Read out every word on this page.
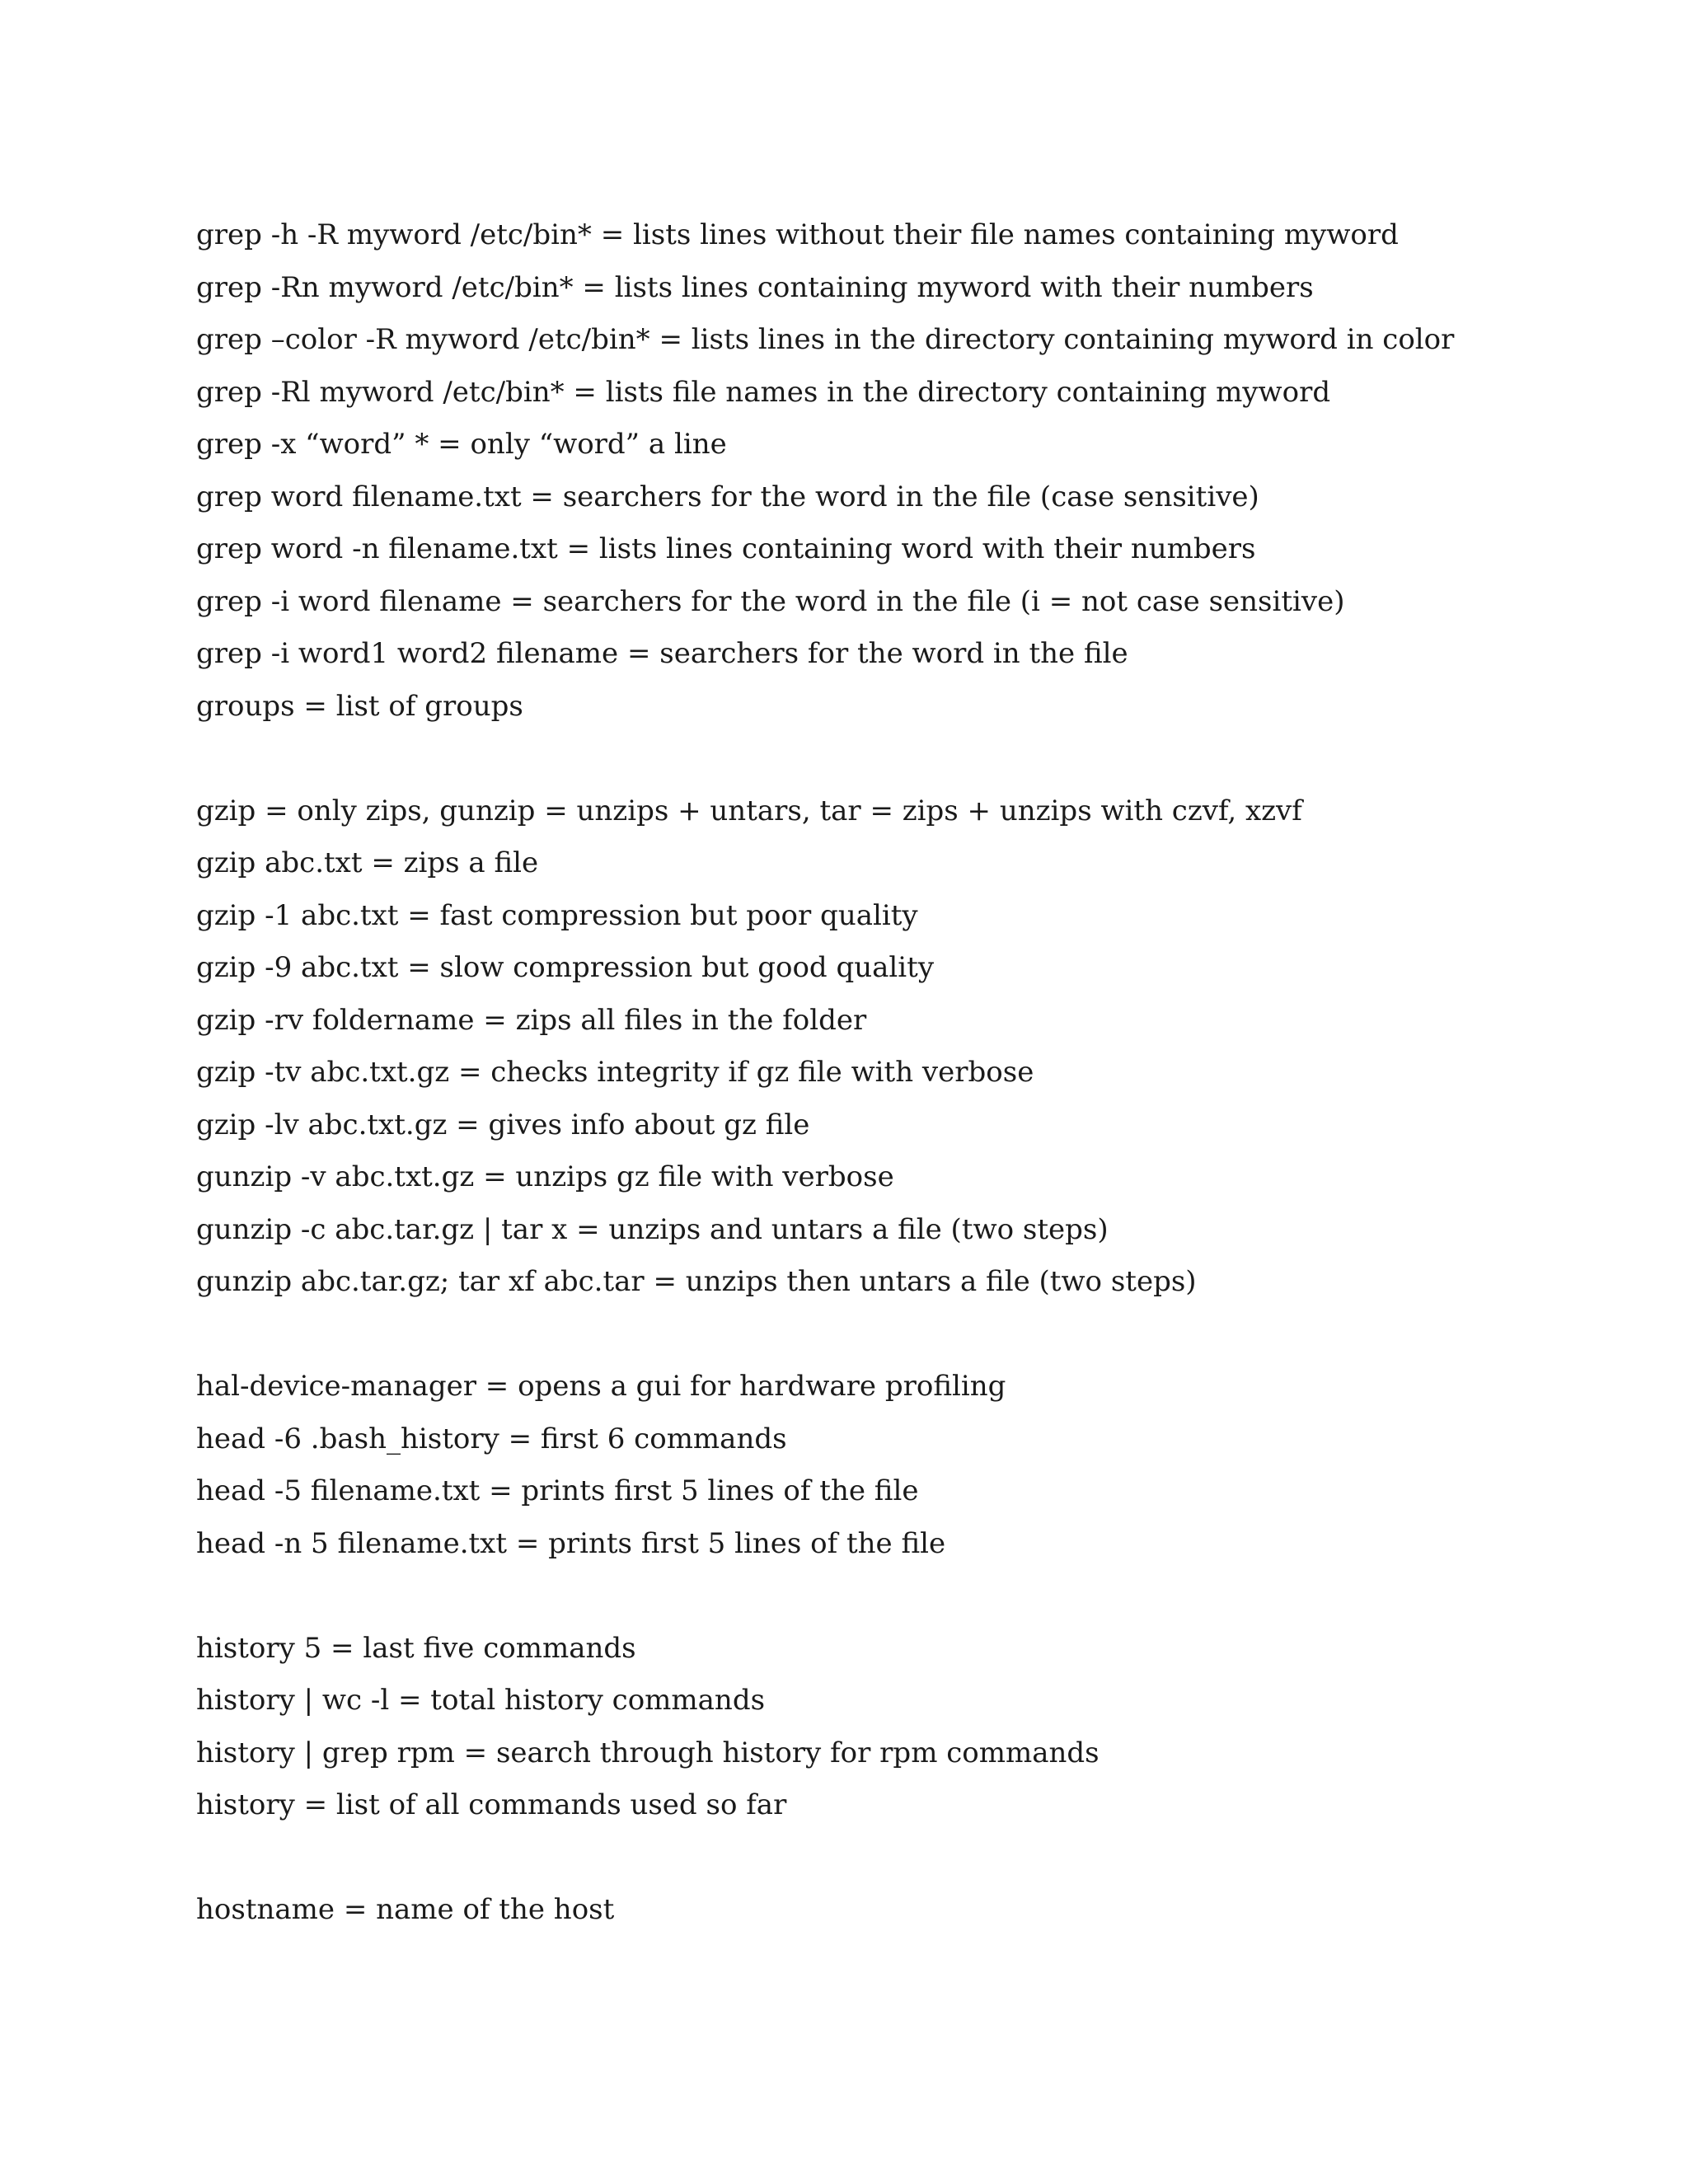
grep -h -R myword /etc/bin* = lists lines without their file names containing myword
grep -Rn myword /etc/bin* = lists lines containing myword with their numbers
grep –color -R myword /etc/bin* = lists lines in the directory containing myword in color
grep -Rl myword /etc/bin* = lists file names in the directory containing myword
grep -x “word” * = only “word” a line
grep word filename.txt = searchers for the word in the file (case sensitive)
grep word -n filename.txt = lists lines containing word with their numbers
grep -i word filename = searchers for the word in the file (i = not case sensitive)
grep -i word1 word2 filename = searchers for the word in the file
groups = list of groups
gzip = only zips, gunzip = unzips + untars, tar = zips + unzips with czvf, xzvf
gzip abc.txt = zips a file
gzip -1 abc.txt = fast compression but poor quality
gzip -9 abc.txt = slow compression but good quality
gzip -rv foldername = zips all files in the folder
gzip -tv abc.txt.gz = checks integrity if gz file with verbose
gzip -lv abc.txt.gz = gives info about gz file
gunzip -v abc.txt.gz = unzips gz file with verbose
gunzip -c abc.tar.gz | tar x = unzips and untars a file (two steps)
gunzip abc.tar.gz; tar xf abc.tar = unzips then untars a file (two steps)
hal-device-manager = opens a gui for hardware profiling
head -6 .bash_history = first 6 commands
head -5 filename.txt = prints first 5 lines of the file
head -n 5 filename.txt = prints first 5 lines of the file
history 5 = last five commands
history | wc -l = total history commands
history | grep rpm = search through history for rpm commands
history = list of all commands used so far
hostname = name of the host
